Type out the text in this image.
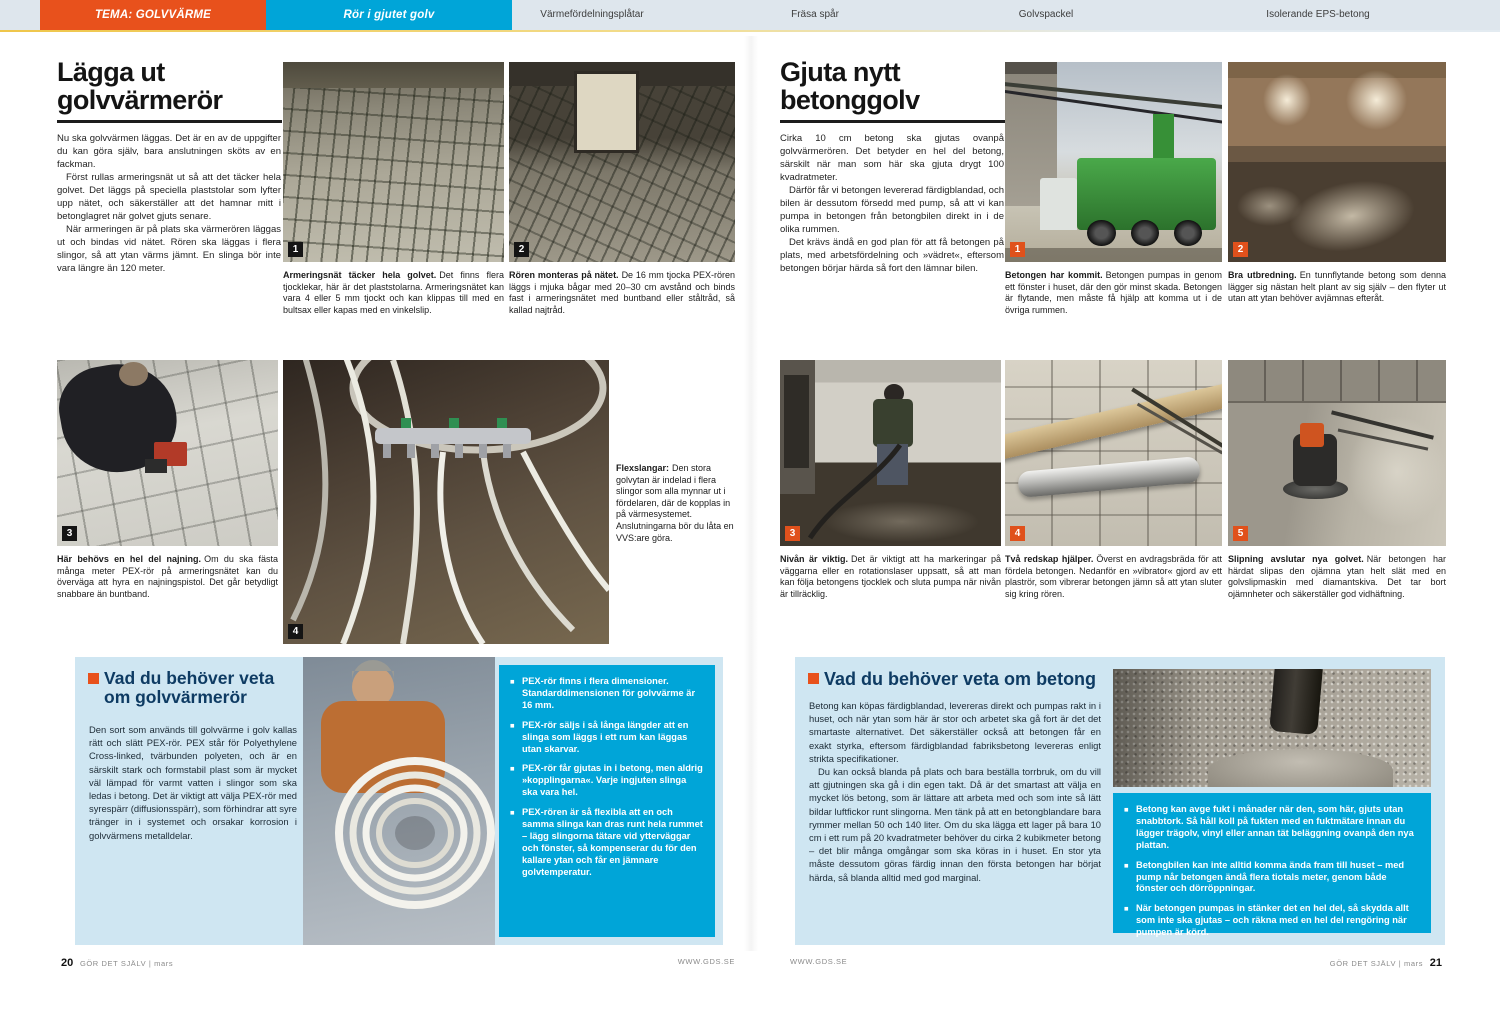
TEMA: GOLVVÄRME	Rör i gjutet golv	Värmefördelningsplåtar	Fräsa spår	Golvspackel	Isolerande EPS-betong
Lägga ut golvvärmerör

Nu ska golvvärmen läggas. Det är en av de uppgifter du kan göra själv, bara anslutningen sköts av en fackman.

Först rullas armeringsnät ut så att det täcker hela golvet. Det läggs på speciella plaststolar som lyfter upp nätet, och säkerställer att det hamnar mitt i betonglagret när golvet gjuts senare.

När armeringen är på plats ska värmerören läggas ut och bindas vid nätet. Rören ska läggas i flera slingor, så att ytan värms jämnt. En slinga bör inte vara längre än 120 meter.

1	2
Armeringsnät täcker hela golvet. Det finns flera tjocklekar, här är det plaststolarna. Armeringsnätet kan vara 4 eller 5 mm tjockt och kan klippas till med en bultsax eller kapas med en vinkelslip.
Rören monteras på nätet. De 16 mm tjocka PEX-rören läggs i mjuka bågar med 20–30 cm avstånd och binds fast i armeringsnätet med buntband eller ståltråd, så kallad najtråd.
3
Här behövs en hel del najning. Om du ska fästa många meter PEX-rör på armeringsnätet kan du överväga att hyra en najningspistol. Det går betydligt snabbare än buntband.
4
Flexslangar: Den stora golvytan är indelad i flera slingor som alla mynnar ut i fördelaren, där de kopplas in på värmesystemet. Anslutningarna bör du låta en VVS:are göra.
Vad du behöver veta om golvvärmerör

Den sort som används till golvvärme i golv kallas rätt och slätt PEX-rör. PEX står för Polyethylene Cross-linked, tvärbunden polyeten, och är en särskilt stark och formstabil plast som är mycket väl lämpad för varmt vatten i slingor som ska ledas i betong. Det är viktigt att välja PEX-rör med syrespärr (diffusionsspärr), som förhindrar att syre tränger in i systemet och orsakar korrosion i golvvärmens metalldelar.

■ PEX-rör finns i flera dimensioner. Standarddimensionen för golvvärme är 16 mm.
■ PEX-rör säljs i så långa längder att en slinga som läggs i ett rum kan läggas utan skarvar.
■ PEX-rör får gjutas in i betong, men aldrig »kopplingarna«. Varje ingjuten slinga ska vara hel.
■ PEX-rören är så flexibla att en och samma slinga kan dras runt hela rummet – lägg slingorna tätare vid ytterväggar och fönster, så kompenserar du för den kallare ytan och får en jämnare golvtemperatur.
Gjuta nytt betonggolv

Cirka 10 cm betong ska gjutas ovanpå golvvärmerören. Det betyder en hel del betong, särskilt när man som här ska gjuta drygt 100 kvadratmeter.

Därför får vi betongen levererad färdigblandad, och bilen är dessutom försedd med pump, så att vi kan pumpa in betongen från betongbilen direkt in i de olika rummen.

Det krävs ändå en god plan för att få betongen på plats, med arbetsfördelning och »vädret«, eftersom betongen börjar härda så fort den lämnar bilen.

1	2
Betongen har kommit. Betongen pumpas in genom ett fönster i huset, där den gör minst skada. Betongen är flytande, men måste få hjälp att komma ut i de övriga rummen.
Bra utbredning. En tunnflytande betong som denna lägger sig nästan helt plant av sig själv – den flyter ut utan att ytan behöver avjämnas efteråt.
3	4	5
Nivån är viktig. Det är viktigt att ha markeringar på väggarna eller en rotationslaser uppsatt, så att man kan följa betongens tjocklek och sluta pumpa när nivån är tillräcklig.
Två redskap hjälper. Överst en avdragsbräda för att fördela betongen. Nedanför en »vibrator« gjord av ett plaströr, som vibrerar betongen jämn så att ytan sluter sig kring rören.
Slipning avslutar nya golvet. När betongen har härdat slipas den ojämna ytan helt slät med en golvslipmaskin med diamantskiva. Det tar bort ojämnheter och säkerställer god vidhäftning.
Vad du behöver veta om betong

Betong kan köpas färdigblandad, levereras direkt och pumpas rakt in i huset, och när ytan som här är stor och arbetet ska gå fort är det det smartaste alternativet. Det säkerställer också att betongen får en exakt styrka, eftersom färdigblandad fabriksbetong levereras enligt strikta specifikationer.

Du kan också blanda på plats och bara beställa torrbruk, om du vill att gjutningen ska gå i din egen takt. Då är det smartast att välja en mycket lös betong, som är lättare att arbeta med och som inte så lätt bildar luftfickor runt slingorna. Men tänk på att en betongblandare bara rymmer mellan 50 och 140 liter. Om du ska lägga ett lager på bara 10 cm i ett rum på 20 kvadratmeter behöver du cirka 2 kubikmeter betong – det blir många omgångar som ska köras in i huset. En stor yta måste dessutom göras färdig innan den första betongen har börjat härda, så blanda alltid med god marginal.

■ Betong kan avge fukt i månader när den, som här, gjuts utan snabbtork. Så håll koll på fukten med en fuktmätare innan du lägger trägolv, vinyl eller annan tät beläggning ovanpå den nya plattan.
■ Betongbilen kan inte alltid komma ända fram till huset – med pump når betongen ändå flera tiotals meter, genom både fönster och dörröppningar.
■ När betongen pumpas in stänker det en hel del, så skydda allt som inte ska gjutas – och räkna med en hel del rengöring när pumpen är körd.
20 GÖR DET SJÄLV | mars	WWW.GDS.SE	WWW.GDS.SE	GÖR DET SJÄLV | mars 21
